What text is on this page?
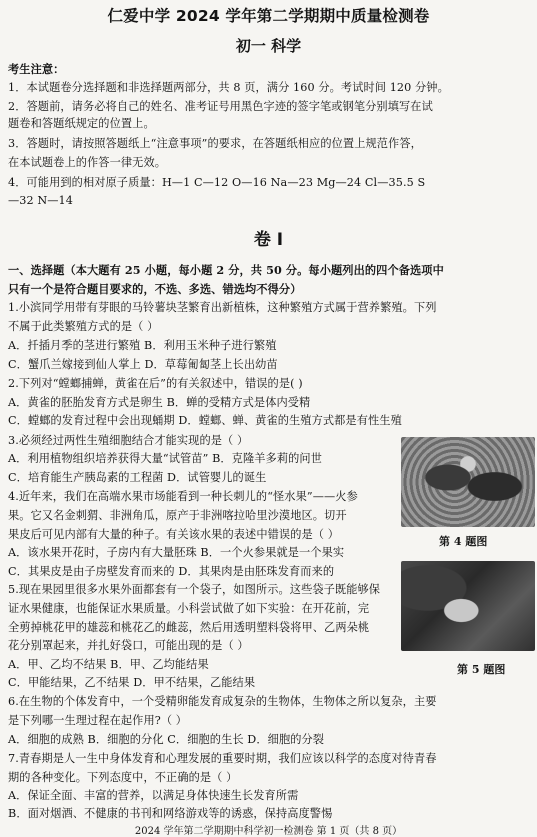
仁爱中学 2024 学年第二学期期中质量检测卷
初一 科学
考生注意：
1．本试题卷分选择题和非选择题两部分，共 8 页，满分 160 分。考试时间 120 分钟。
2．答题前，请务必将自己的姓名、准考证号用黑色字迹的签字笔或钢笔分别填写在试
题卷和答题纸规定的位置上。
3．答题时，请按照答题纸上“注意事项”的要求，在答题纸相应的位置上规范作答，
在本试题卷上的作答一律无效。
4．可能用到的相对原子质量：H—1 C—12 O—16 Na—23 Mg—24 Cl—35.5 S
—32 N—14
卷 I
一、选择题（本大题有 25 小题，每小题 2 分，共 50 分。每小题列出的四个备选项中
只有一个是符合题目要求的，不选、多选、错选均不得分）
1.小滨同学用带有芽眼的马铃薯块茎繁育出新植株，这种繁殖方式属于营养繁殖。下列
不属于此类繁殖方式的是（ ）
A．扦插月季的茎进行繁殖 B．利用玉米种子进行繁殖
C．蟹爪兰嫁接到仙人掌上 D．草莓匍匐茎上长出幼苗
2.下列对“螳螂捕蝉，黄雀在后”的有关叙述中，错误的是( )
A．黄雀的胚胎发育方式是卵生 B．蝉的受精方式是体内受精
C．螳螂的发育过程中会出现蛹期 D．螳螂、蝉、黄雀的生殖方式都是有性生殖
3.必须经过两性生殖细胞结合才能实现的是（ ）
A．利用植物组织培养获得大量“试管苗” B．克隆羊多莉的问世
C．培育能生产胰岛素的工程菌 D．试管婴儿的诞生
4.近年来，我们在高端水果市场能看到一种长刺儿的“怪水果”——火参
果。它又名金刺猬、非洲角瓜，原产于非洲喀拉哈里沙漠地区。切开
果皮后可见内部有大量的种子。有关该水果的表述中错误的是（ ）
A．该水果开花时，子房内有大量胚珠 B．一个火参果就是一个果实
C．其果皮是由子房壁发育而来的 D．其果肉是由胚珠发育而来的
5.现在果园里很多水果外面都套有一个袋子，如图所示。这些袋子既能够保
证水果健康，也能保证水果质量。小科尝试做了如下实验：在开花前，完
全剪掉桃花甲的雄蕊和桃花乙的雌蕊，然后用透明塑料袋将甲、乙两朵桃
花分别罩起来，并扎好袋口，可能出现的是（ ）
A．甲、乙均不结果 B．甲、乙均能结果
C．甲能结果，乙不结果 D．甲不结果，乙能结果
6.在生物的个体发育中，一个受精卵能发育成复杂的生物体，生物体之所以复杂，主要
是下列哪一生理过程在起作用?（ ）
A．细胞的成熟 B．细胞的分化 C．细胞的生长 D．细胞的分裂
7.青春期是人一生中身体发育和心理发展的重要时期，我们应该以科学的态度对待青春
期的各种变化。下列态度中，不正确的是（ ）
A．保证全面、丰富的营养，以满足身体快速生长发育所需
B．面对烟酒、不健康的书刊和网络游戏等的诱惑，保持高度警惕
第 4 题图
第 5 题图
2024 学年第二学期期中科学初一检测卷 第 1 页（共 8 页）
